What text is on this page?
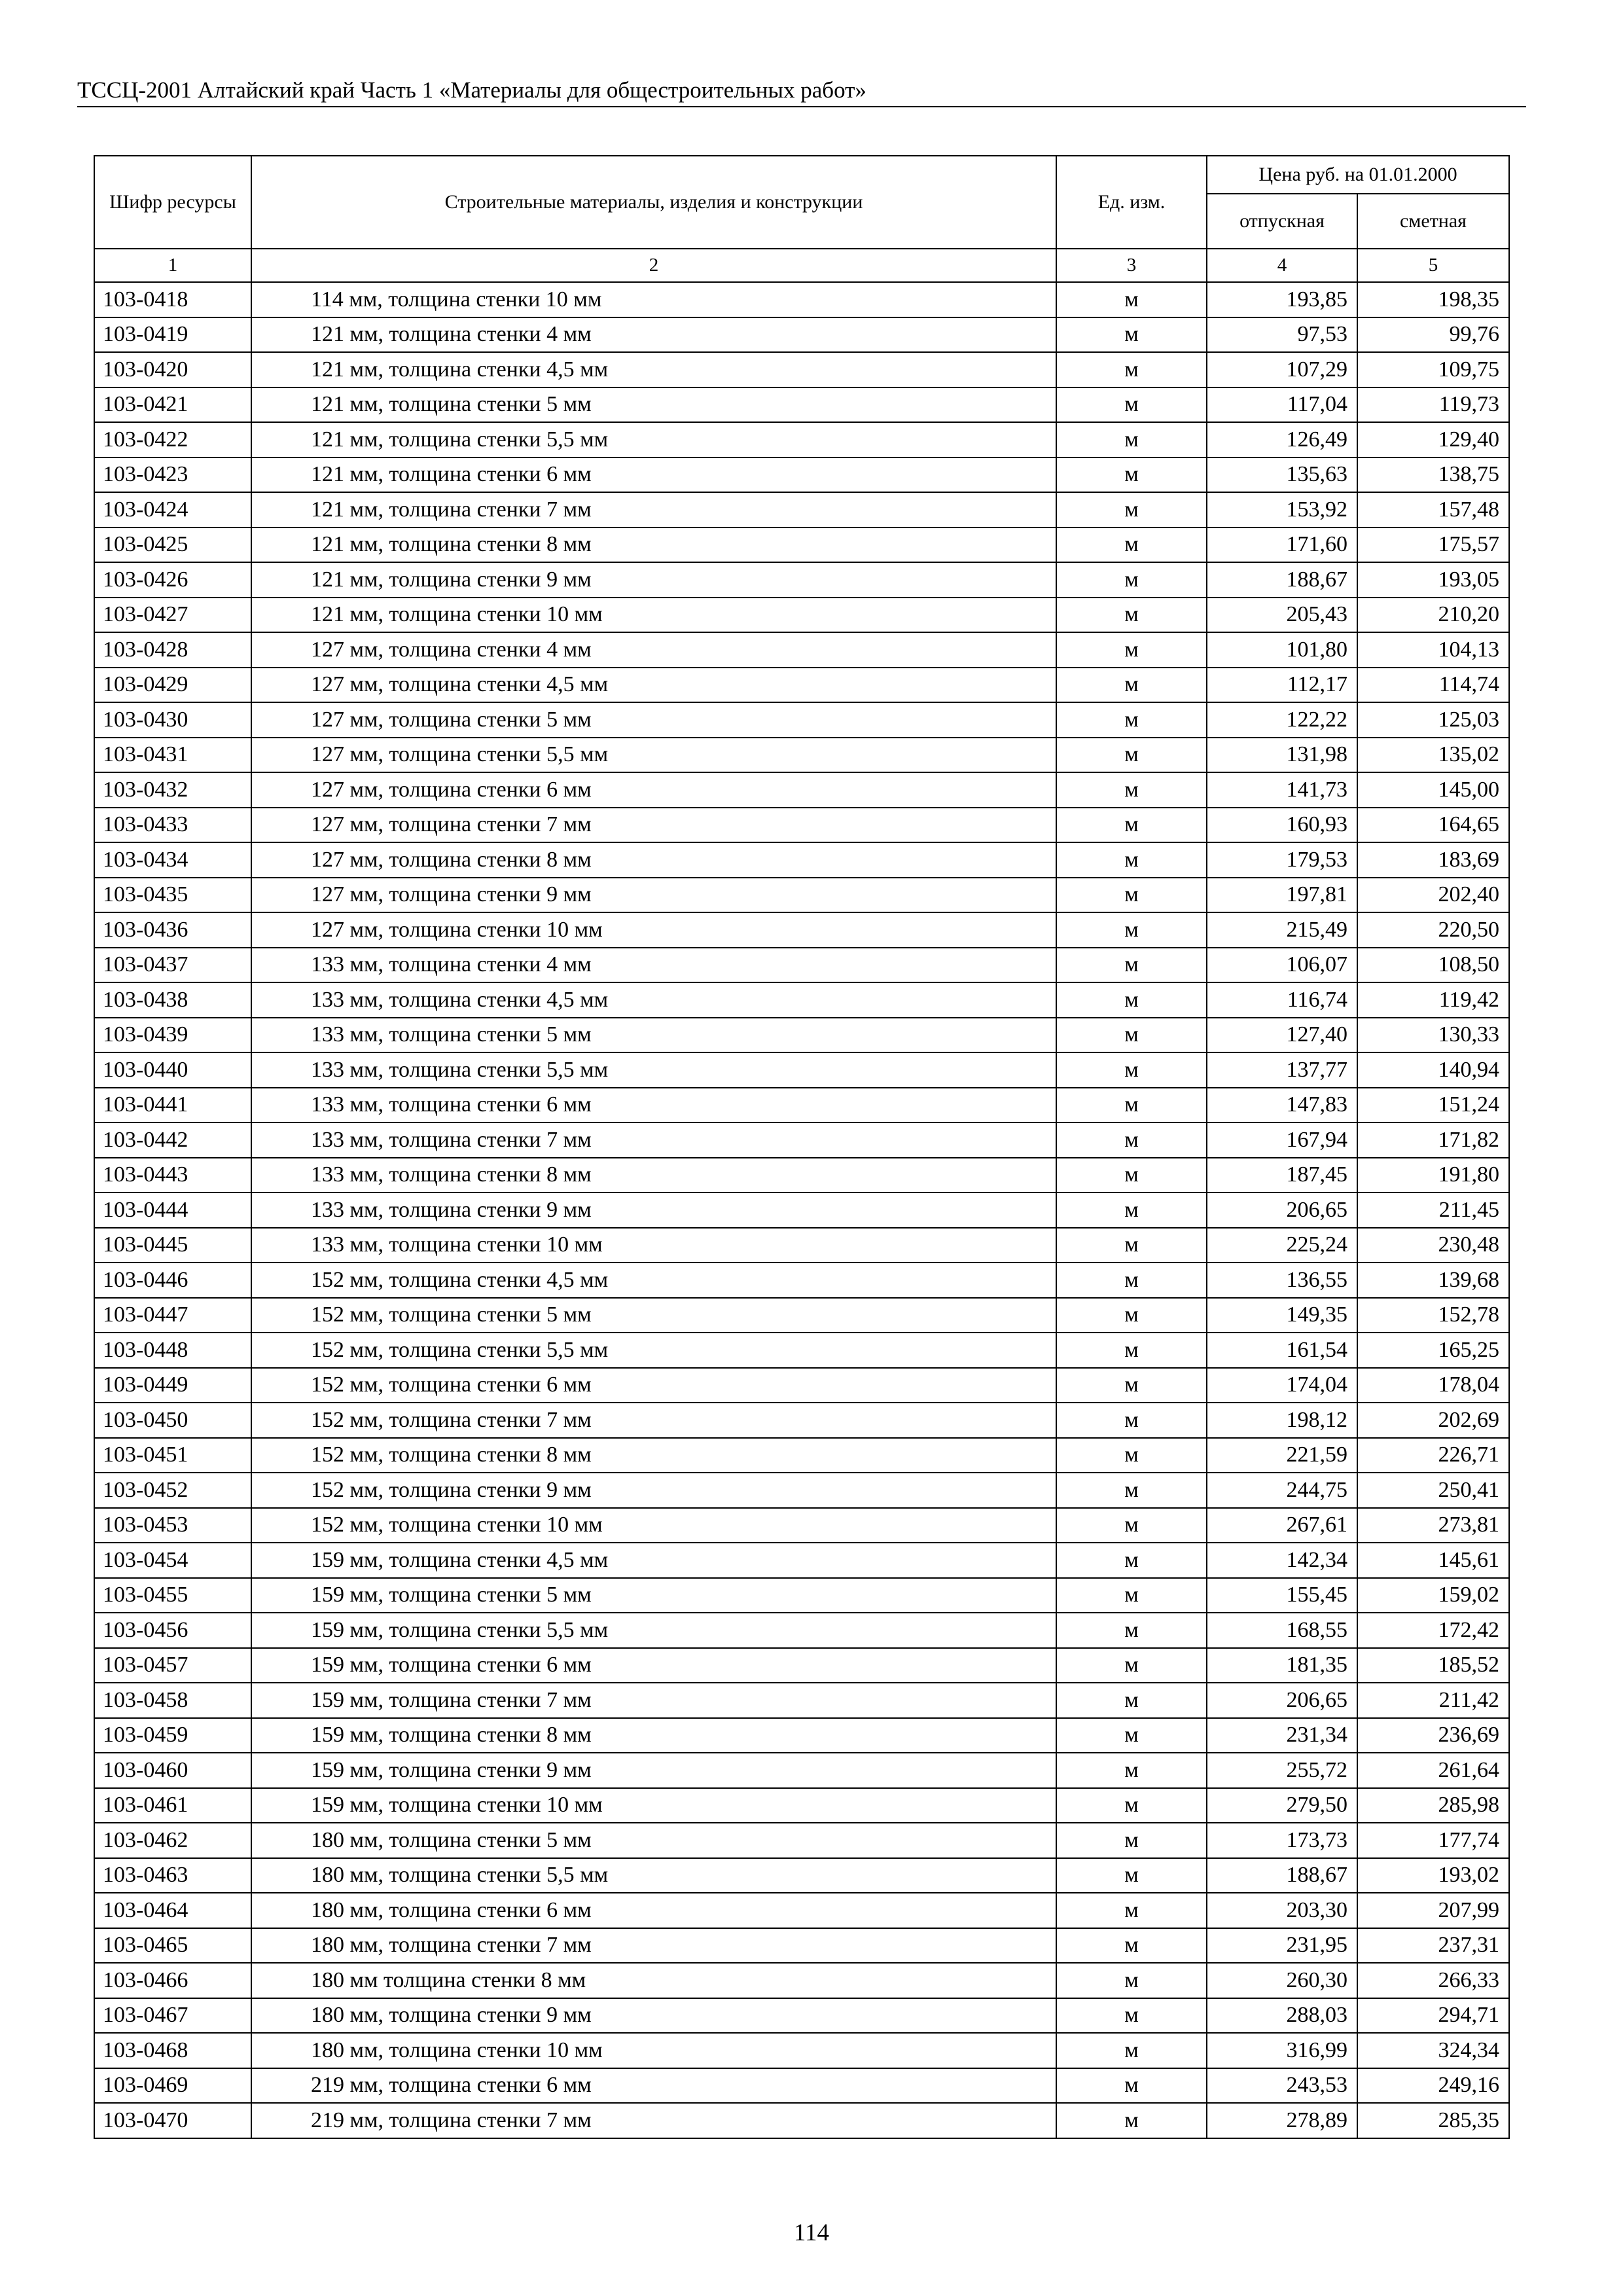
ТССЦ-2001 Алтайский край Часть 1 «Материалы для общестроительных работ»
Шифр ресурсы	Строительные материалы, изделия и конструкции	Ед. изм.	Цена руб. на 01.01.2000	
			отпускная	сметная
1	2	3	4	5
103-0418	114 мм, толщина стенки 10 мм	м	193,85	198,35
103-0419	121 мм, толщина стенки 4 мм	м	97,53	99,76
103-0420	121 мм, толщина стенки 4,5 мм	м	107,29	109,75
103-0421	121 мм, толщина стенки 5 мм	м	117,04	119,73
103-0422	121 мм, толщина стенки 5,5 мм	м	126,49	129,40
103-0423	121 мм, толщина стенки 6 мм	м	135,63	138,75
103-0424	121 мм, толщина стенки 7 мм	м	153,92	157,48
103-0425	121 мм, толщина стенки 8 мм	м	171,60	175,57
103-0426	121 мм, толщина стенки 9 мм	м	188,67	193,05
103-0427	121 мм, толщина стенки 10 мм	м	205,43	210,20
103-0428	127 мм, толщина стенки 4 мм	м	101,80	104,13
103-0429	127 мм, толщина стенки 4,5 мм	м	112,17	114,74
103-0430	127 мм, толщина стенки 5 мм	м	122,22	125,03
103-0431	127 мм, толщина стенки 5,5 мм	м	131,98	135,02
103-0432	127 мм, толщина стенки 6 мм	м	141,73	145,00
103-0433	127 мм, толщина стенки 7 мм	м	160,93	164,65
103-0434	127 мм, толщина стенки 8 мм	м	179,53	183,69
103-0435	127 мм, толщина стенки 9 мм	м	197,81	202,40
103-0436	127 мм, толщина стенки 10 мм	м	215,49	220,50
103-0437	133 мм, толщина стенки 4 мм	м	106,07	108,50
103-0438	133 мм, толщина стенки 4,5 мм	м	116,74	119,42
103-0439	133 мм, толщина стенки 5 мм	м	127,40	130,33
103-0440	133 мм, толщина стенки 5,5 мм	м	137,77	140,94
103-0441	133 мм, толщина стенки 6 мм	м	147,83	151,24
103-0442	133 мм, толщина стенки 7 мм	м	167,94	171,82
103-0443	133 мм, толщина стенки 8 мм	м	187,45	191,80
103-0444	133 мм, толщина стенки 9 мм	м	206,65	211,45
103-0445	133 мм, толщина стенки 10 мм	м	225,24	230,48
103-0446	152 мм, толщина стенки 4,5 мм	м	136,55	139,68
103-0447	152 мм, толщина стенки 5 мм	м	149,35	152,78
103-0448	152 мм, толщина стенки 5,5 мм	м	161,54	165,25
103-0449	152 мм, толщина стенки 6 мм	м	174,04	178,04
103-0450	152 мм, толщина стенки 7 мм	м	198,12	202,69
103-0451	152 мм, толщина стенки 8 мм	м	221,59	226,71
103-0452	152 мм, толщина стенки 9 мм	м	244,75	250,41
103-0453	152 мм, толщина стенки 10 мм	м	267,61	273,81
103-0454	159 мм, толщина стенки 4,5 мм	м	142,34	145,61
103-0455	159 мм, толщина стенки 5 мм	м	155,45	159,02
103-0456	159 мм, толщина стенки 5,5 мм	м	168,55	172,42
103-0457	159 мм, толщина стенки 6 мм	м	181,35	185,52
103-0458	159 мм, толщина стенки 7 мм	м	206,65	211,42
103-0459	159 мм, толщина стенки 8 мм	м	231,34	236,69
103-0460	159 мм, толщина стенки 9 мм	м	255,72	261,64
103-0461	159 мм, толщина стенки 10 мм	м	279,50	285,98
103-0462	180 мм, толщина стенки 5 мм	м	173,73	177,74
103-0463	180 мм, толщина стенки 5,5 мм	м	188,67	193,02
103-0464	180 мм, толщина стенки 6 мм	м	203,30	207,99
103-0465	180 мм, толщина стенки 7 мм	м	231,95	237,31
103-0466	180 мм толщина стенки 8 мм	м	260,30	266,33
103-0467	180 мм, толщина стенки 9 мм	м	288,03	294,71
103-0468	180 мм, толщина стенки 10 мм	м	316,99	324,34
103-0469	219 мм, толщина стенки 6 мм	м	243,53	249,16
103-0470	219 мм, толщина стенки 7 мм	м	278,89	285,35
114
